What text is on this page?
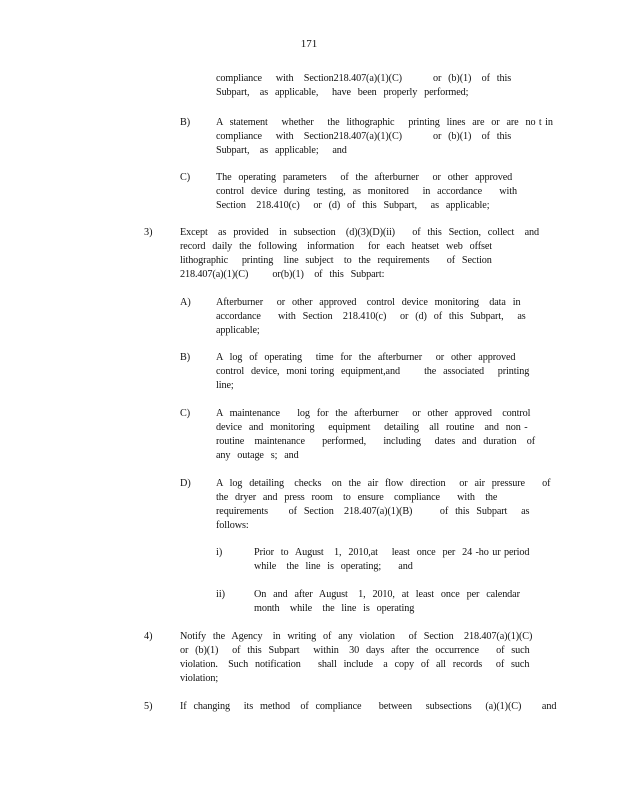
171
compliance    with   Section218.407(a)(1)(C)         or  (b)(1)   of  this
Subpart,   as  applicable,    have  been  properly  performed;
B)	A  statement    whether    the  lithographic    printing  lines  are  or  are  no t in
compliance    with   Section218.407(a)(1)(C)         or  (b)(1)   of  this
Subpart,   as  applicable;    and
C)	The  operating  parameters    of  the  afterburner    or  other  approved
control  device  during  testing,  as  monitored    in  accordance     with
Section   218.410(c)    or  (d)  of  this  Subpart,    as  applicable;
3)	Except   as  provided   in  subsection   (d)(3)(D)(ii)     of  this  Section,  collect   and
record  daily  the  following   information    for  each  heatset  web  offset
lithographic    printing   line  subject   to  the  requirements     of  Section
218.407(a)(1)(C)       or(b)(1)   of  this  Subpart:
A) Afterburner    or  other  approved   control  device  monitoring   data  in
accordance     with  Section   218.410(c)    or  (d)  of  this  Subpart,    as
applicable;
B)	A  log  of  operating    time  for  the  afterburner    or  other  approved
control  device,  moni toring  equipment,and       the  associated    printing
line;
C)	A  maintenance     log  for  the  afterburner    or  other  approved   control
device  and  monitoring    equipment    detailing   all  routine   and  non -
routine   maintenance     performed,     including    dates  and  duration   of
any  outage  s;  and
D) A  log  detailing   checks   on  the  air  flow  direction    or  air  pressure     of
the  dryer  and  press  room   to  ensure   compliance     with   the
requirements      of  Section   218.407(a)(1)(B)        of  this  Subpart    as
follows:
i)	Prior  to  August   1,  2010,at    least  once  per  24 -ho ur period
while   the  line  is  operating;     and
ii)	On  and  after  August   1,  2010,  at  least  once  per  calendar
month   while   the  line  is  operating
4)	Notify  the  Agency   in  writing  of  any  violation    of  Section   218.407(a)(1)(C)
or  (b)(1)    of  this  Subpart    within   30  days  after  the  occurrence     of  such
violation.   Such  notification     shall  include   a  copy  of  all  records    of  such
violation;
5)	If  changing    its  method   of  compliance     between    subsections    (a)(1)(C)      and
